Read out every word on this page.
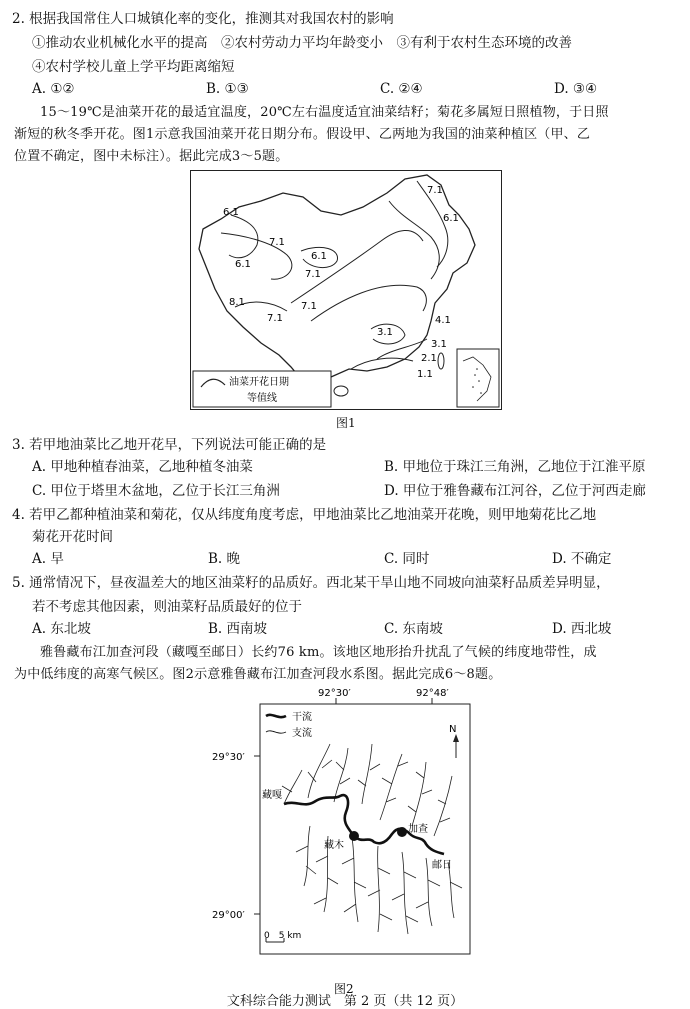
2. 根据我国常住人口城镇化率的变化，推测其对我国农村的影响
①推动农业机械化水平的提高　②农村劳动力平均年龄变小　③有利于农村生态环境的改善
④农村学校儿童上学平均距离缩短
A. ①②	B. ①③	C. ②④	D. ③④
15～19℃是油菜开花的最适宜温度，20℃左右温度适宜油菜结籽；菊花多属短日照植物，于日照
渐短的秋冬季开花。图1示意我国油菜开花日期分布。假设甲、乙两地为我国的油菜种植区（甲、乙
位置不确定，图中未标注）。据此完成3～5题。
7.1
6.1
6.1
7.1
6.1
6.1
7.1
8.1	7.1
7.1	4.1
3.1
3.1
2.1
1.1
油菜开花日期
等值线
图1
3. 若甲地油菜比乙地开花早，下列说法可能正确的是
A. 甲地种植春油菜，乙地种植冬油菜	B. 甲地位于珠江三角洲，乙地位于江淮平原
C. 甲位于塔里木盆地，乙位于长江三角洲	D. 甲位于雅鲁藏布江河谷，乙位于河西走廊
4. 若甲乙都种植油菜和菊花，仅从纬度角度考虑，甲地油菜比乙地油菜开花晚，则甲地菊花比乙地
菊花开花时间
A. 早	B. 晚	C. 同时	D. 不确定
5. 通常情况下，昼夜温差大的地区油菜籽的品质好。西北某干旱山地不同坡向油菜籽品质差异明显，
若不考虑其他因素，则油菜籽品质最好的位于
A. 东北坡	B. 西南坡	C. 东南坡	D. 西北坡
雅鲁藏布江加查河段（藏嘎至邮日）长约76 km。该地区地形抬升扰乱了气候的纬度地带性，成
为中低纬度的高寒气候区。图2示意雅鲁藏布江加查河段水系图。据此完成6～8题。
92°30′	92°48′
29°30′
29°00′
干流
支流	N
藏嘎
藏木
加查
邮日
0　5 km
图2
文科综合能力测试　第 2 页（共 12 页）
